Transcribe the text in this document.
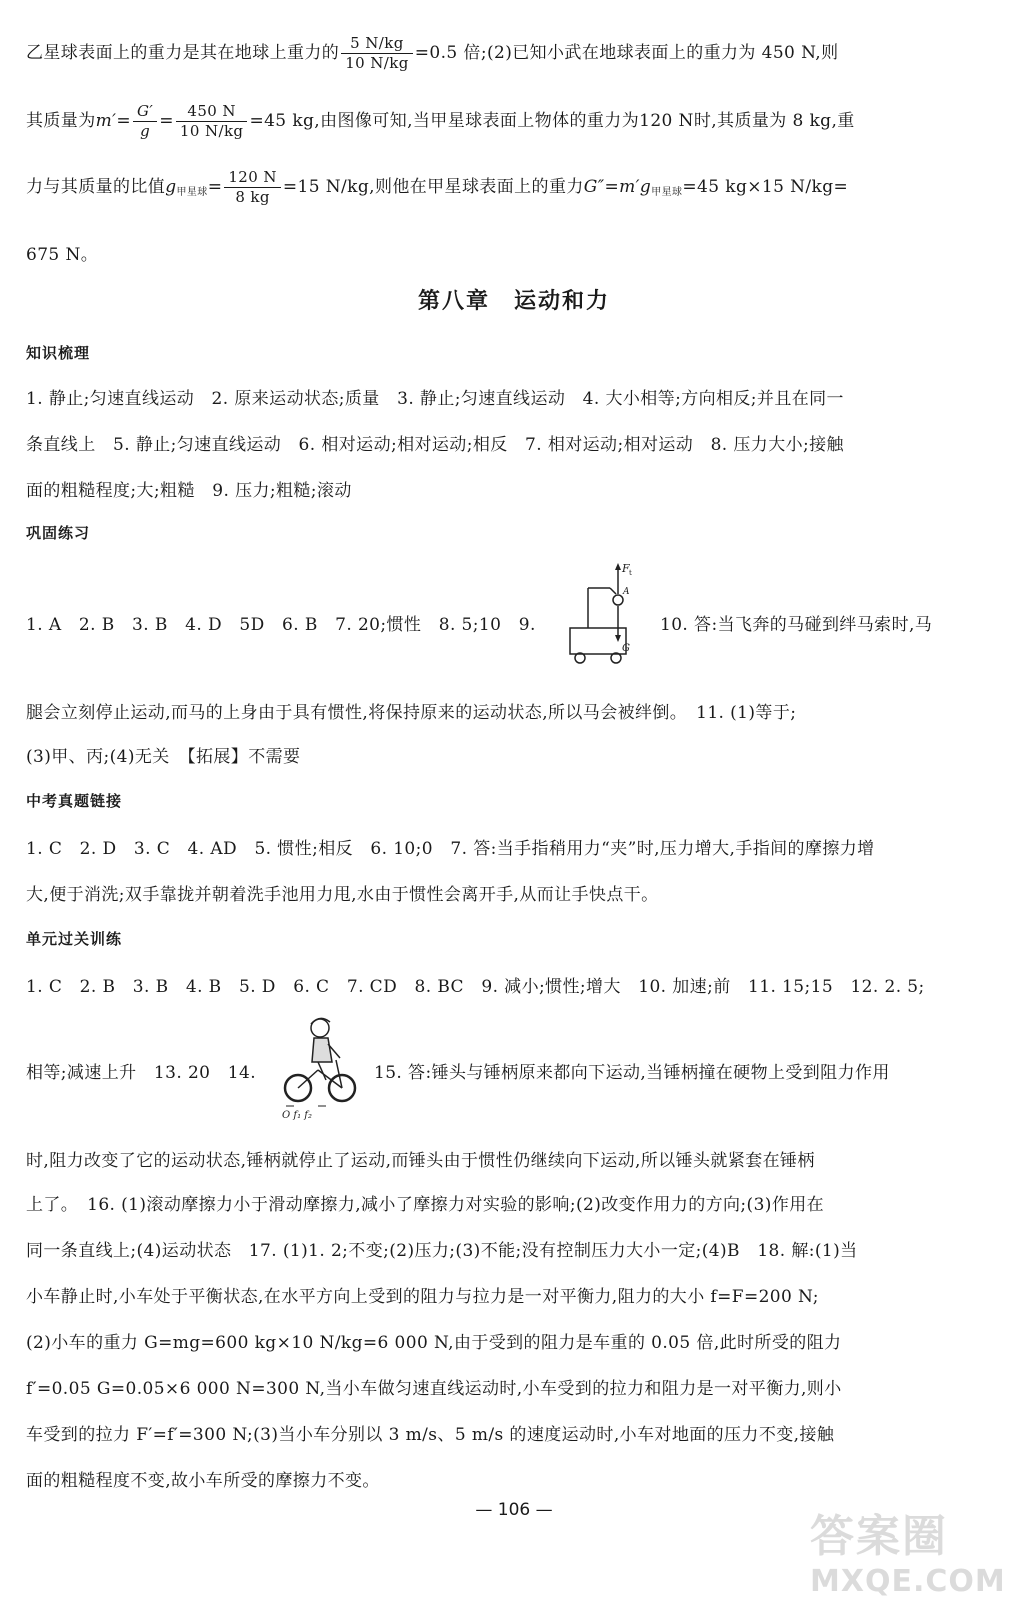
乙星球表面上的重力是其在地球上重力的 $\frac{5 N/kg}{10 N/kg} =0.5$ 倍;(2)已知小武在地球表面上的重力为 450 N,则
其质量为$m'= \frac{G'}{g} = \frac{450 N}{10 N/kg} =45$ kg,由图像可知,当甲星球表面上物体的重力为120 N时,其质量为 8 kg,重
力与其质量的比值$g_{甲星球}= \frac{120 N}{8 kg} =15$ N/kg,则他在甲星球表面上的重力$G''=m'g_{甲星球}=45$ kg×15 N/kg=
675 N。
第八章　运动和力
知识梳理
1. 静止;匀速直线运动　2. 原来运动状态;质量　3. 静止;匀速直线运动　4. 大小相等;方向相反;并且在同一
条直线上　5. 静止;匀速直线运动　6. 相对运动;相对运动;相反　7. 相对运动;相对运动　8. 压力大小;接触
面的粗糙程度;大;粗糙　9. 压力;粗糙;滚动
巩固练习
1. A　2. B　3. B　4. D　5D　6. B　7. 20;惯性　8. 5;10　9.	10. 答:当飞奔的马碰到绊马索时,马
F t
A
G
腿会立刻停止运动,而马的上身由于具有惯性,将保持原来的运动状态,所以马会被绊倒。　11. (1)等于;
(3)甲、丙;(4)无关　【拓展】不需要
中考真题链接
1. C　2. D　3. C　4. AD　5. 惯性;相反　6. 10;0　7. 答:当手指稍用力“夹”时,压力增大,手指间的摩擦力增
大,便于消洗;双手靠拢并朝着洗手池用力甩,水由于惯性会离开手,从而让手快点干。
单元过关训练
1. C　2. B　3. B　4. B　5. D　6. C　7. CD　8. BC　9. 减小;惯性;增大　10. 加速;前　11. 15;15　12. 2. 5;
相等;减速上升　13. 20　14.	15. 答:锤头与锤柄原来都向下运动,当锤柄撞在硬物上受到阻力作用
O f₁ f₂
时,阻力改变了它的运动状态,锤柄就停止了运动,而锤头由于惯性仍继续向下运动,所以锤头就紧套在锤柄
上了。　16. (1)滚动摩擦力小于滑动摩擦力,减小了摩擦力对实验的影响;(2)改变作用力的方向;(3)作用在
同一条直线上;(4)运动状态　17. (1)1. 2;不变;(2)压力;(3)不能;没有控制压力大小一定;(4)B　18. 解:(1)当
小车静止时,小车处于平衡状态,在水平方向上受到的阻力与拉力是一对平衡力,阻力的大小 f=F=200 N;
(2)小车的重力 G=mg=600 kg×10 N/kg=6 000 N,由于受到的阻力是车重的 0.05 倍,此时所受的阻力
f′=0.05 G=0.05×6 000 N=300 N,当小车做匀速直线运动时,小车受到的拉力和阻力是一对平衡力,则小
车受到的拉力 F′=f′=300 N;(3)当小车分别以 3 m/s、5 m/s 的速度运动时,小车对地面的压力不变,接触
面的粗糙程度不变,故小车所受的摩擦力不变。
— 106 —
答案圈
MXQE.COM
